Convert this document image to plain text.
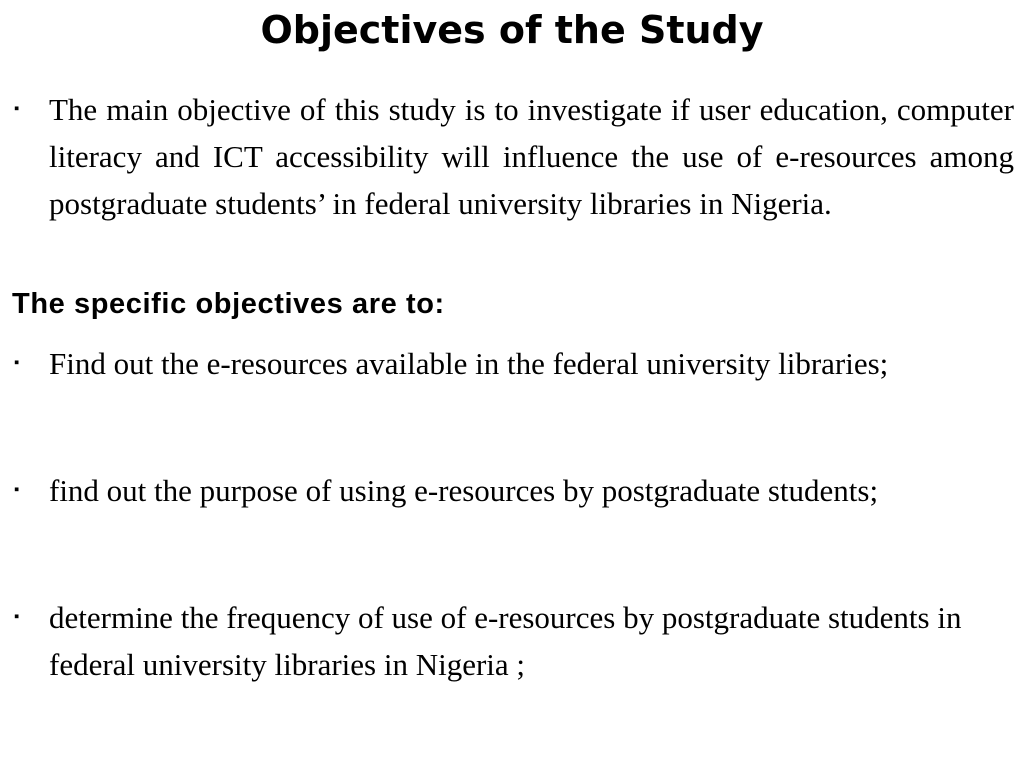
Objectives of the Study
▪ The main objective of this study is to investigate if user education, computer literacy and ICT accessibility will influence the use of e-resources among postgraduate students’ in federal university libraries in Nigeria.
The specific objectives are to:
▪ Find out the e-resources available in the federal university libraries;
▪ find out the purpose of using e-resources by postgraduate students;
▪ determine the frequency of use of e-resources by postgraduate students in federal university libraries in Nigeria ;
